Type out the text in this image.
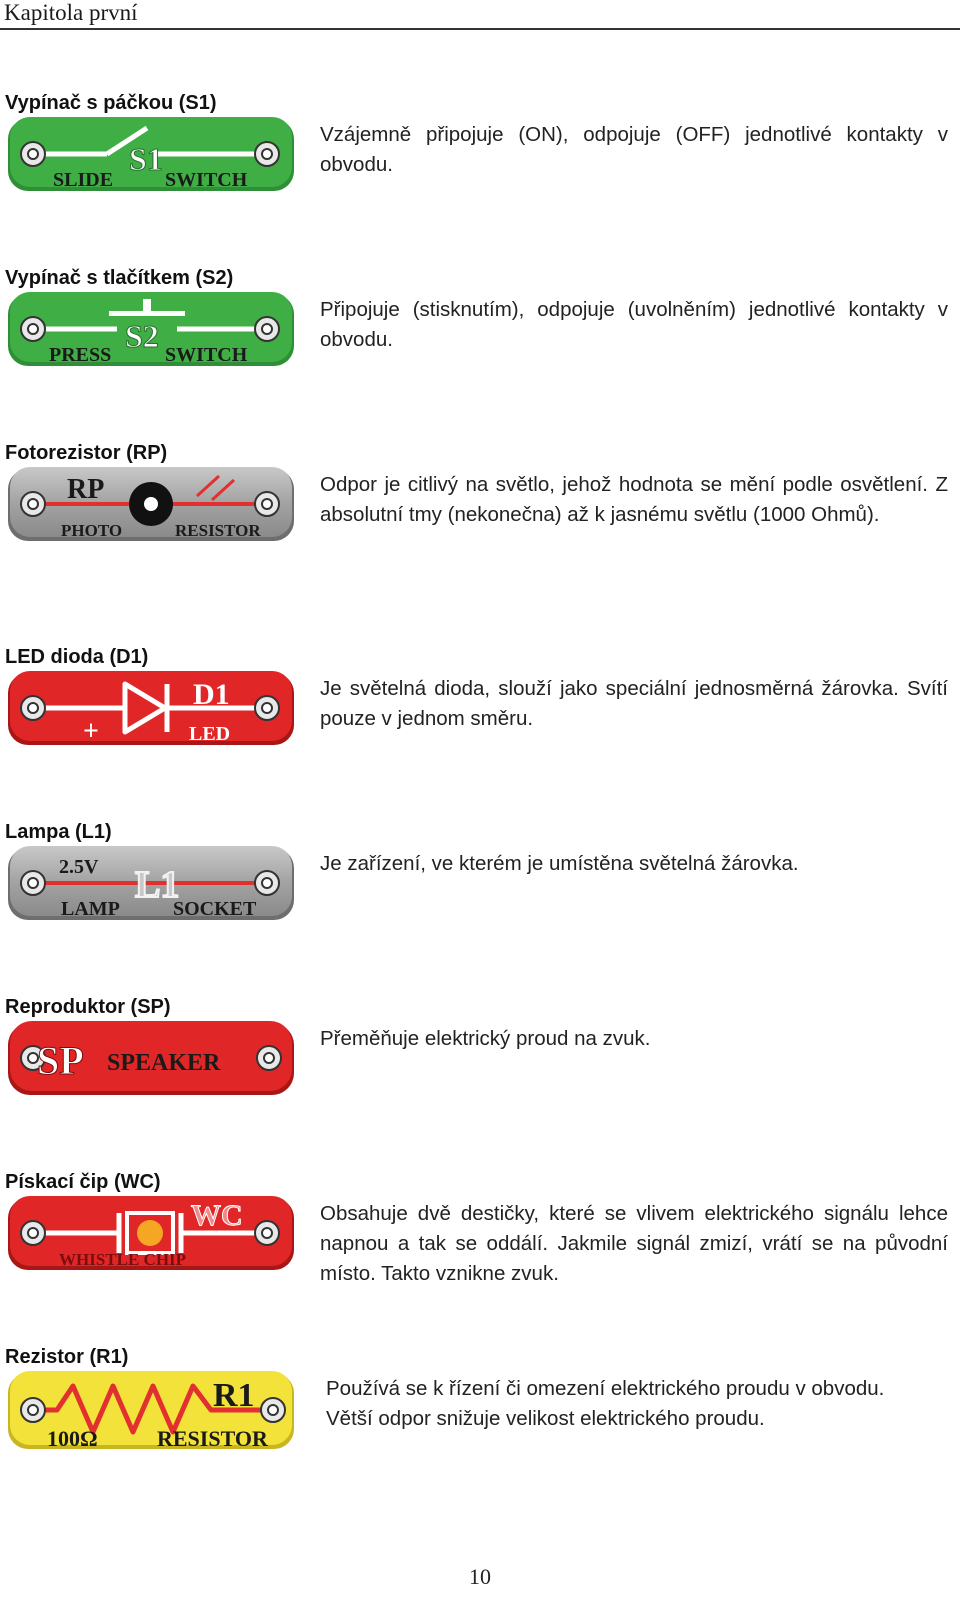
Kapitola první
Vypínač s páčkou (S1)
S1
SLIDE	SWITCH
Vzájemně připojuje (ON), odpojuje (OFF) jednotlivé kontakty v obvodu.
Vypínač s tlačítkem (S2)
S2
PRESS	SWITCH
Připojuje (stisknutím), odpojuje (uvolněním) jednotlivé kontakty v obvodu.
Fotorezistor (RP)
RP
PHOTO	RESISTOR
Odpor je citlivý na světlo, jehož hodnota se mění podle osvětlení. Z absolutní tmy (nekonečna) až k jasnému světlu (1000 Ohmů).
LED dioda (D1)
D1
+	LED
Je světelná dioda, slouží jako speciální jednosměrná žárovka. Svítí pouze v jednom směru.
Lampa (L1)
L1
2.5V
LAMP	SOCKET
Je zařízení, ve kterém je umístěna světelná žárovka.
Reproduktor (SP)
SP SPEAKER
Přeměňuje elektrický proud na zvuk.
Pískací čip (WC)
WC
WHISTLE CHIP
Obsahuje dvě destičky, které se vlivem elektrického signálu lehce napnou a tak se oddálí. Jakmile signál zmizí, vrátí se na původní místo. Takto vznikne zvuk.
Rezistor (R1)
R1
100Ω	RESISTOR

Používá se k řízení či omezení elektrického proudu v obvodu.

Větší odpor snižuje velikost elektrického proudu.

10
